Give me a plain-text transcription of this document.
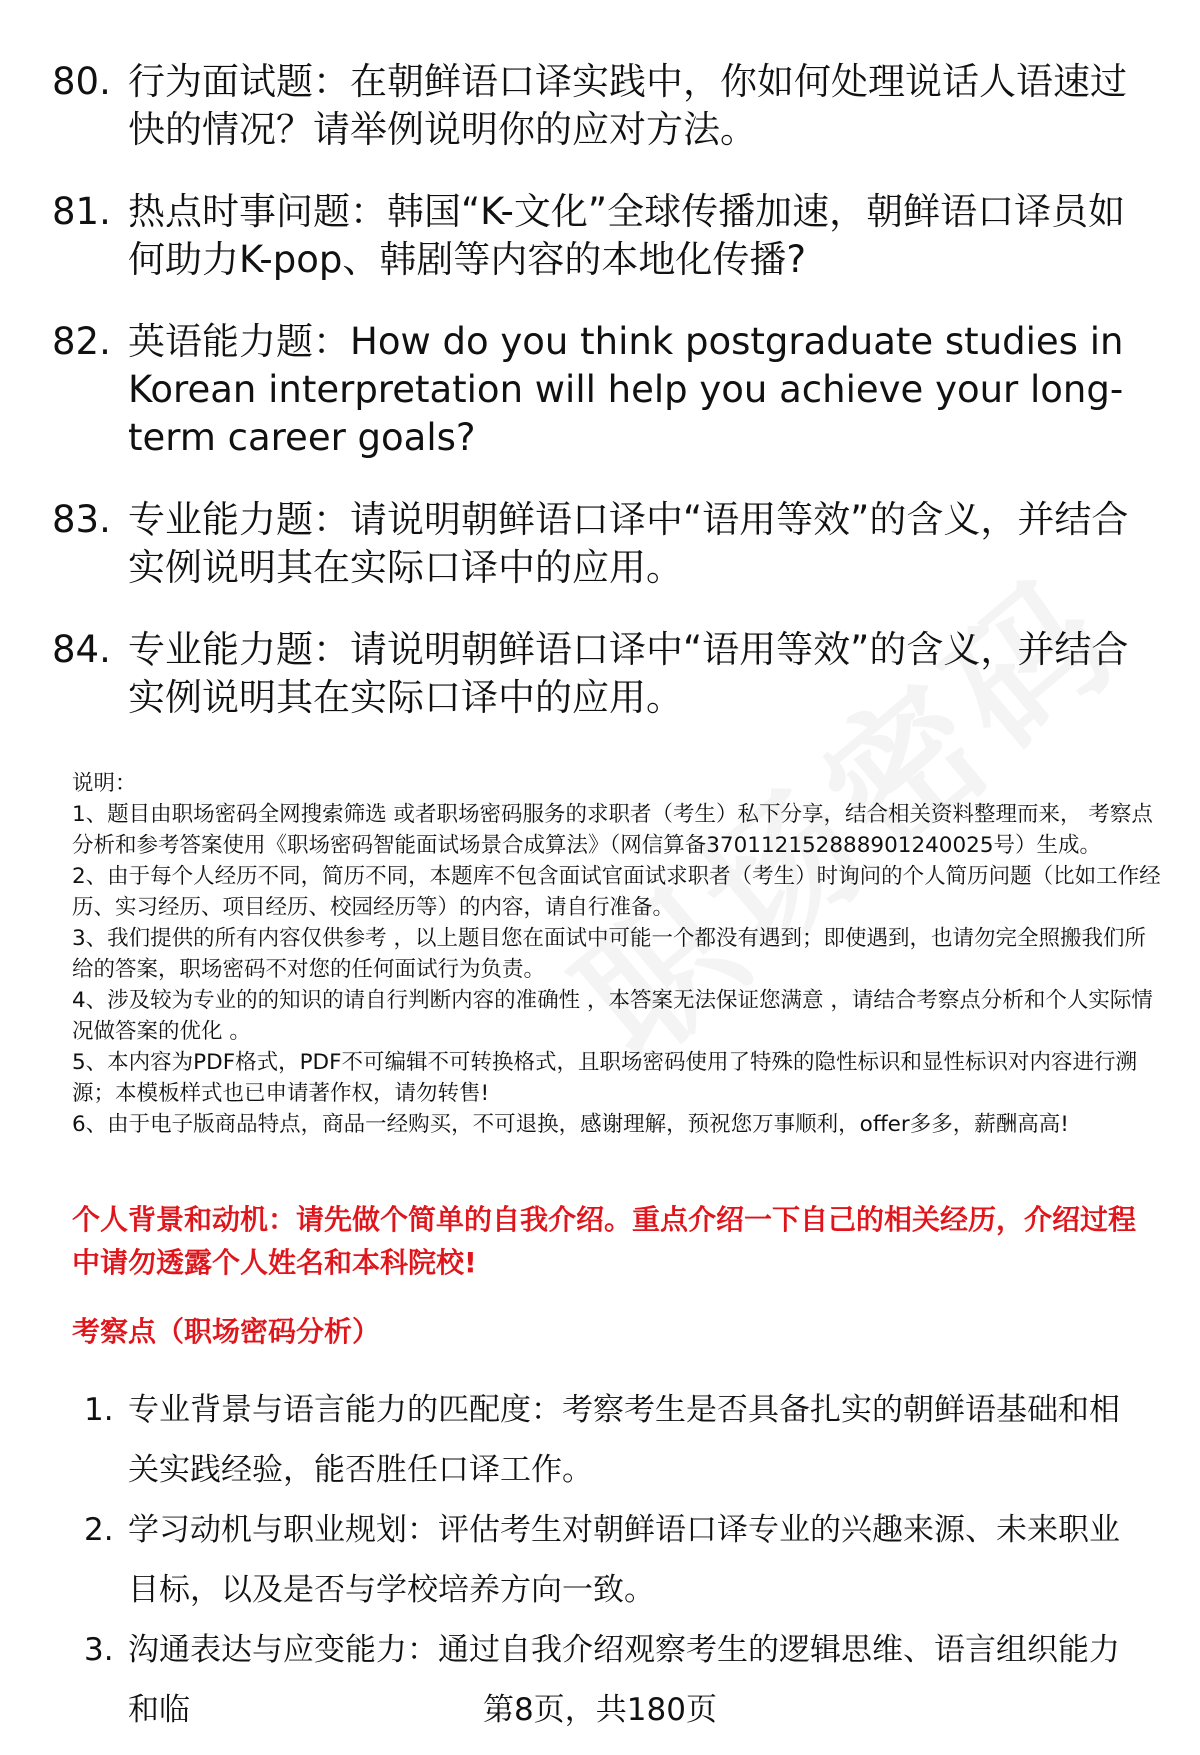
80. 行为面试题：在朝鲜语口译实践中，你如何处理说话人语速过快的情况？请举例说明你的应对方法。
81. 热点时事问题：韩国“K-文化”全球传播加速，朝鲜语口译员如何助力K-pop、韩剧等内容的本地化传播?
82. 英语能力题：How do you think postgraduate studies in Korean interpretation will help you achieve your long-term career goals?
83. 专业能力题：请说明朝鲜语口译中“语用等效”的含义，并结合实例说明其在实际口译中的应用。
84. 专业能力题：请说明朝鲜语口译中“语用等效”的含义，并结合实例说明其在实际口译中的应用。

说明：

1、题目由职场密码全网搜索筛选 或者职场密码服务的求职者（考生）私下分享，结合相关资料整理而来， 考察点分析和参考答案使用《职场密码智能面试场景合成算法》（网信算备370112152888901240025号）生成。

2、由于每个人经历不同，简历不同，本题库不包含面试官面试求职者（考生）时询问的个人简历问题（比如工作经历、实习经历、项目经历、校园经历等）的内容，请自行准备。

3、我们提供的所有内容仅供参考 ，以上题目您在面试中可能一个都没有遇到；即使遇到，也请勿完全照搬我们所给的答案，职场密码不对您的任何面试行为负责。

4、涉及较为专业的的知识的请自行判断内容的准确性 ，本答案无法保证您满意 ，请结合考察点分析和个人实际情况做答案的优化 。

5、本内容为PDF格式，PDF不可编辑不可转换格式，且职场密码使用了特殊的隐性标识和显性标识对内容进行溯源；本模板样式也已申请著作权，请勿转售!

6、由于电子版商品特点，商品一经购买，不可退换，感谢理解，预祝您万事顺利，offer多多，薪酬高高!

个人背景和动机：请先做个简单的自我介绍。重点介绍一下自己的相关经历，介绍过程中请勿透露个人姓名和本科院校!
考察点（职场密码分析）
1. 专业背景与语言能力的匹配度：考察考生是否具备扎实的朝鲜语基础和相关实践经验，能否胜任口译工作。
2. 学习动机与职业规划：评估考生对朝鲜语口译专业的兴趣来源、未来职业目标，以及是否与学校培养方向一致。
3. 沟通表达与应变能力：通过自我介绍观察考生的逻辑思维、语言组织能力和临	第8页，共180页
